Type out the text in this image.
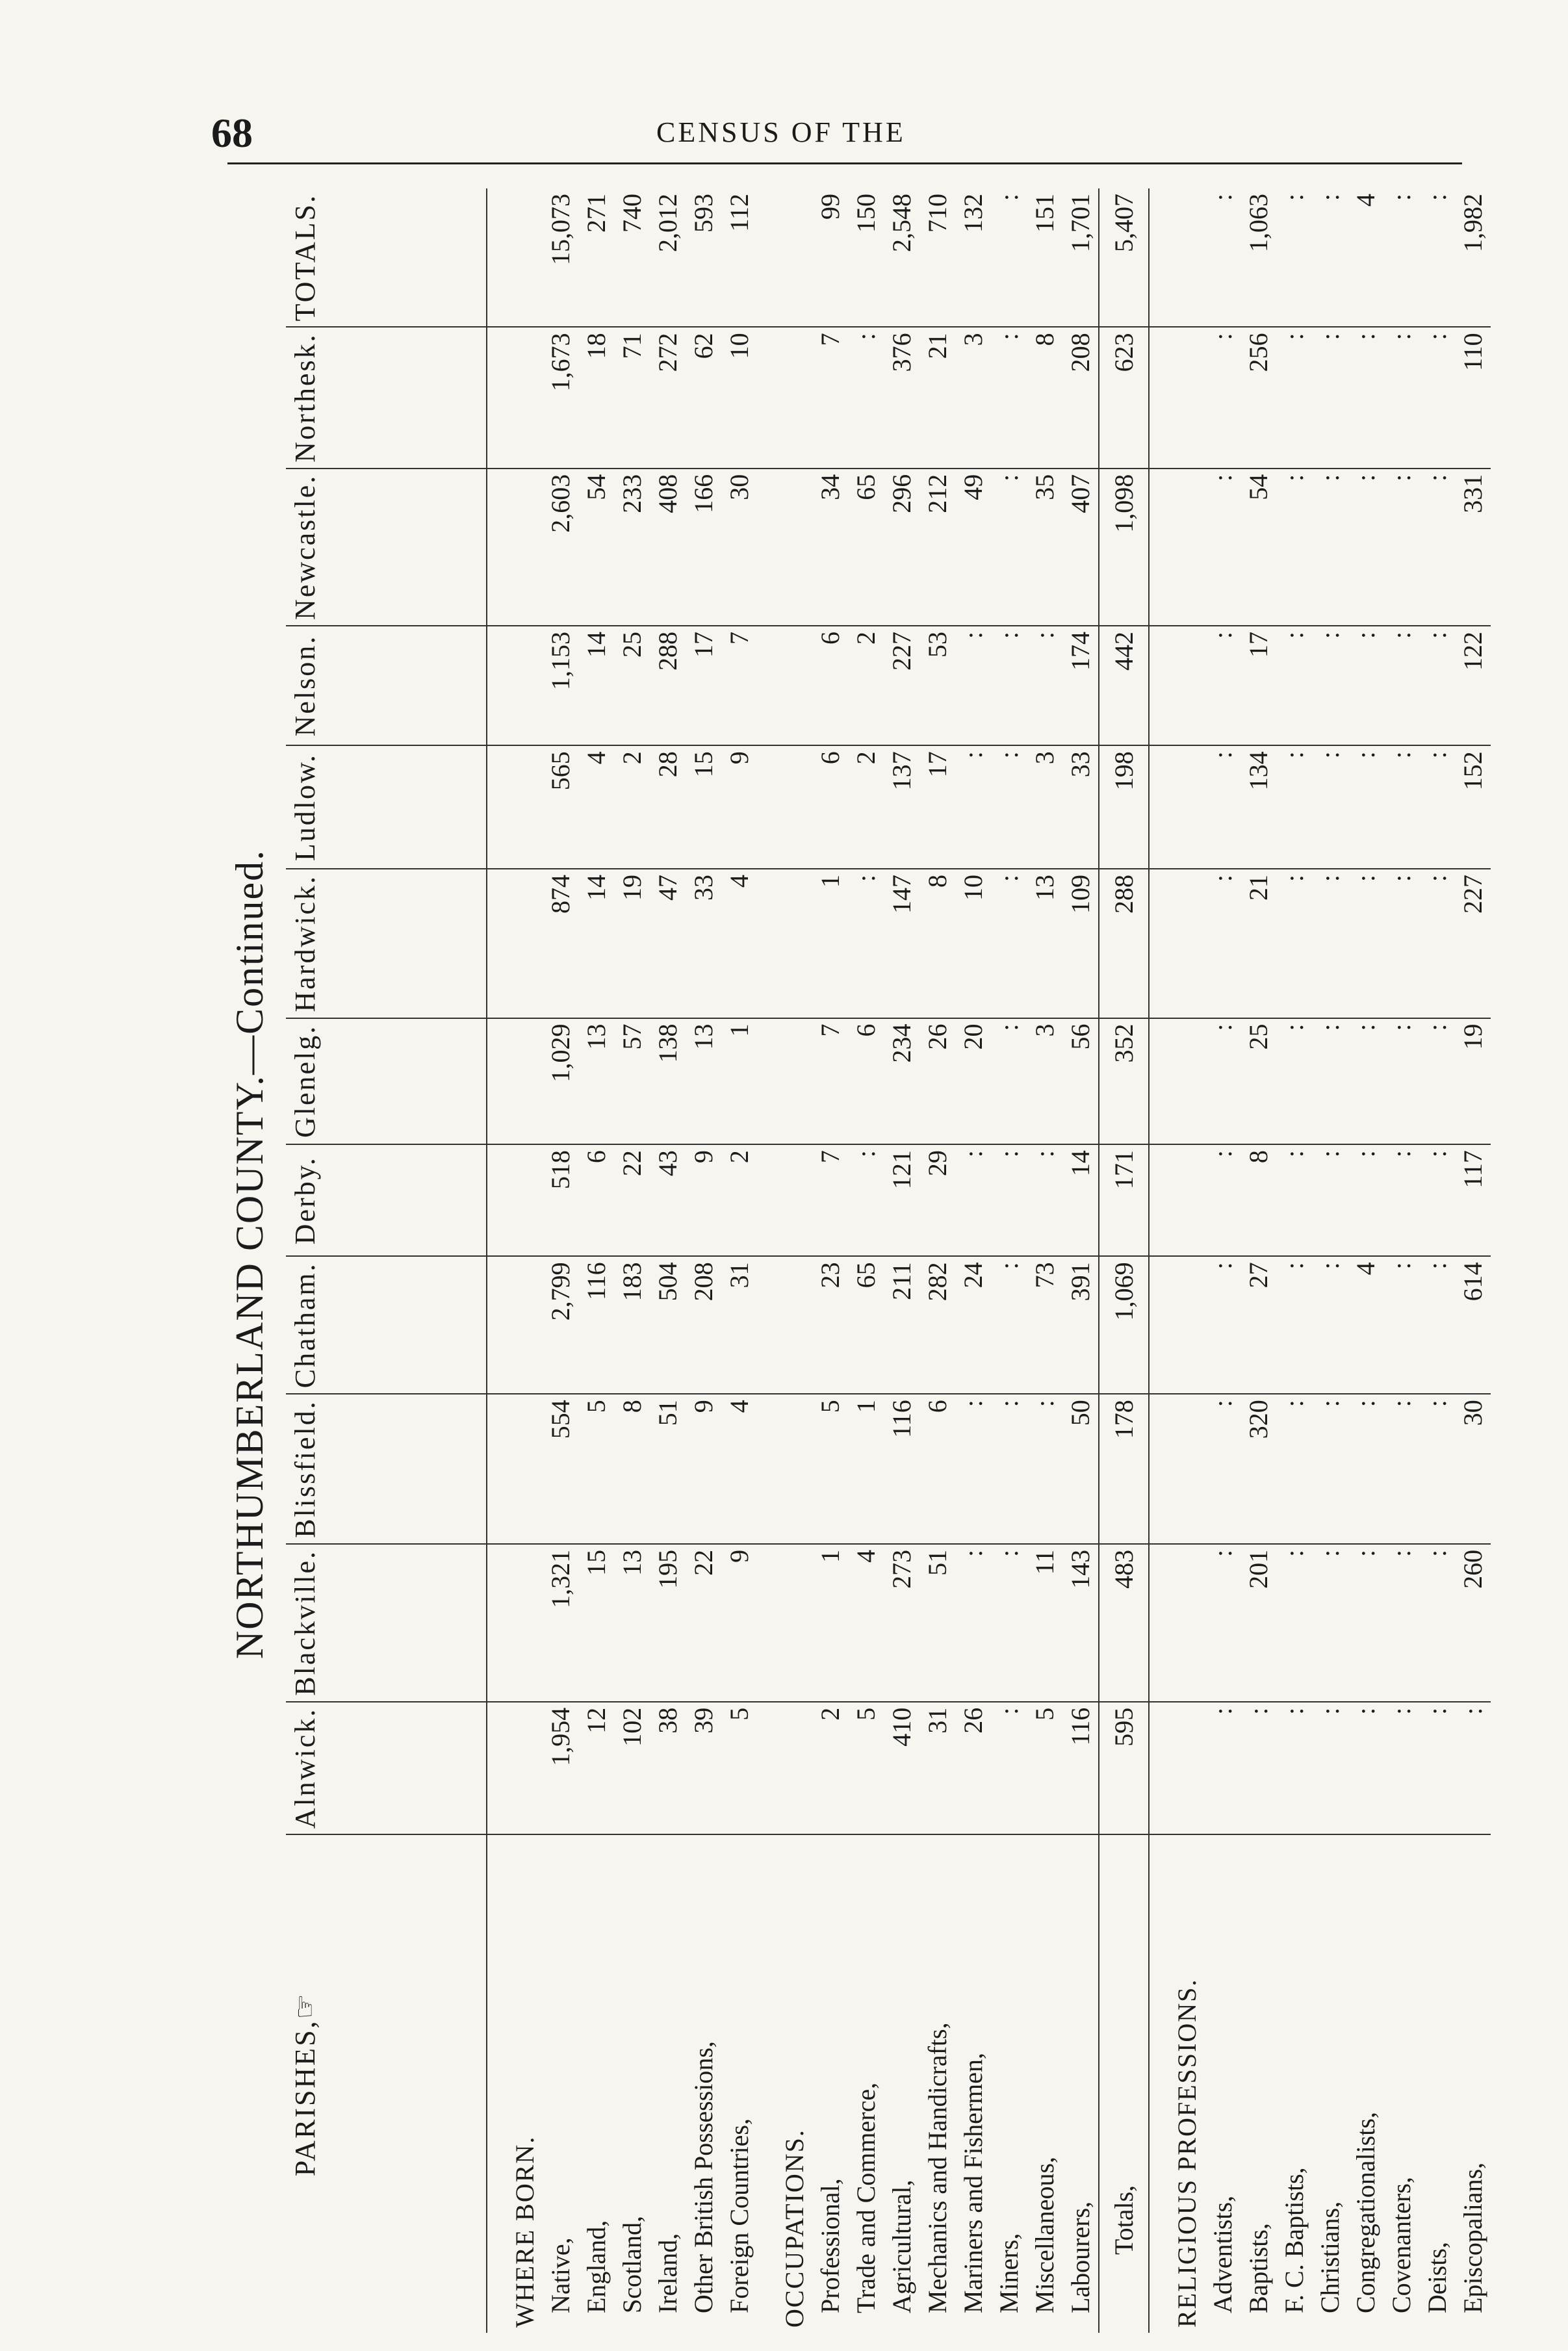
68	CENSUS OF THE
NORTHUMBERLAND COUNTY.—Continued.
PARISHES,☞	Alnwick.	Blackville.	Blissfield.	Chatham.	Derby.	Glenelg.	Hardwick.	Ludlow.	Nelson.	Newcastle.	Northesk.	TOTALS.
WHERE BORN.												
Native,	1,954	1,321	554	2,799	518	1,029	874	565	1,153	2,603	1,673	15,073
England,	12	15	5	116	6	13	14	4	14	54	18	271
Scotland,	102	13	8	183	22	57	19	2	25	233	71	740
Ireland,	38	195	51	504	43	138	47	28	288	408	272	2,012
Other British Possessions,	39	22	9	208	9	13	33	15	17	166	62	593
Foreign Countries,	5	9	4	31	2	1	4	9	7	30	10	112
OCCUPATIONS.												
Professional,	2	1	5	23	7	7	1	6	6	34	7	99
Trade and Commerce,	5	4	1	65	:	6	:	2	2	65	:	150
Agricultural,	410	273	116	211	121	234	147	137	227	296	376	2,548
Mechanics and Handicrafts,	31	51	6	282	29	26	8	17	53	212	21	710
Mariners and Fishermen,	26	:	:	24	:	20	10	:	:	49	3	132
Miners,	:	:	:	:	:	:	:	:	:	:	:	:
Miscellaneous,	5	11	:	73	:	3	13	3	:	35	8	151
Labourers,	116	143	50	391	14	56	109	33	174	407	208	1,701
Totals,	595	483	178	1,069	171	352	288	198	442	1,098	623	5,407
RELIGIOUS PROFESSIONS.												
Adventists,	:	:	:	:	:	:	:	:	:	:	:	:
Baptists,	:	201	320	27	8	25	21	134	17	54	256	1,063
F. C. Baptists,	:	:	:	:	:	:	:	:	:	:	:	:
Christians,	:	:	:	:	:	:	:	:	:	:	:	:
Congregationalists,	:	:	:	4	:	:	:	:	:	:	:	4
Covenanters,	:	:	:	:	:	:	:	:	:	:	:	:
Deists,	:	:	:	:	:	:	:	:	:	:	:	:
Episcopalians,	:	260	30	614	117	19	227	152	122	331	110	1,982
